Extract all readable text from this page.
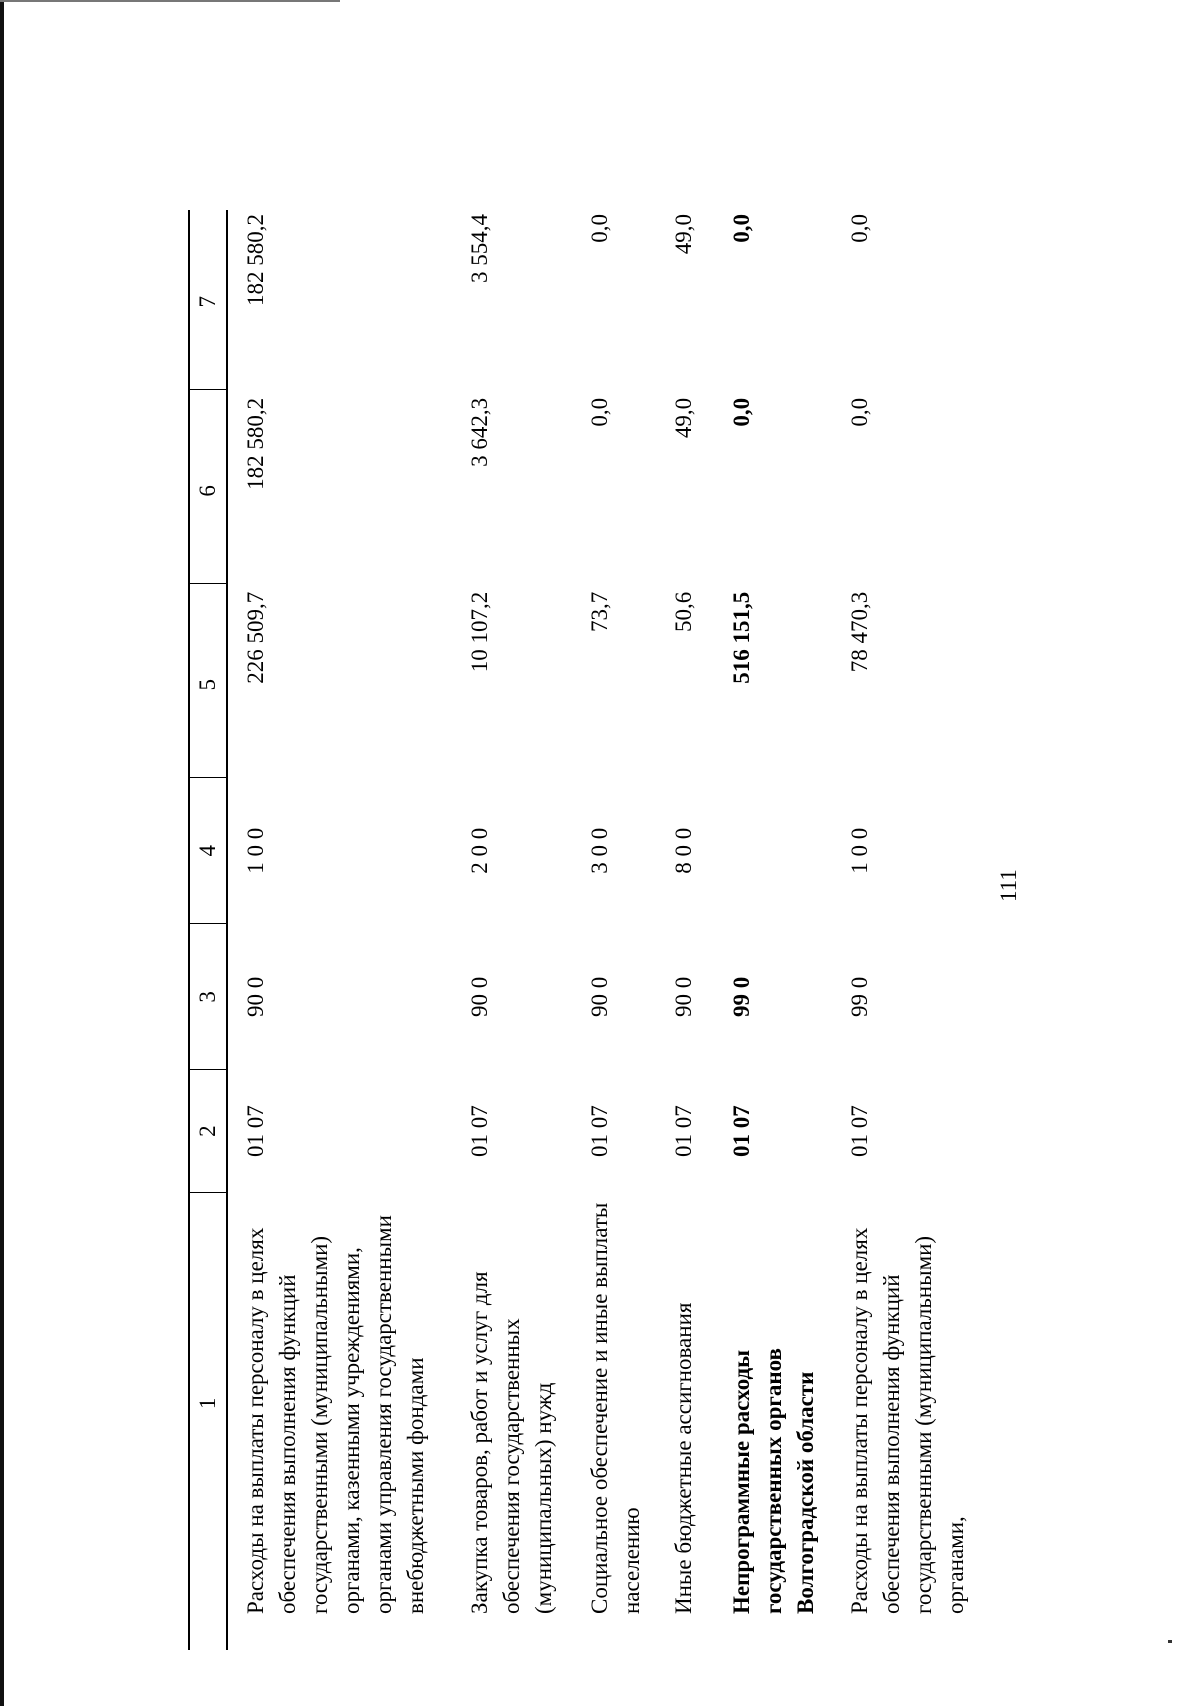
111
1	2	3	4	5	6	7
Расходы на выплаты персоналу в целях обеспечения выполнения функций государственными (муниципальными) органами, казенными учреждениями, органами управления государственными внебюджетными фондами	01 07	90 0	1 0 0	226 509,7	182 580,2	182 580,2
Закупка товаров, работ и услуг для обеспечения государственных (муниципальных) нужд	01 07	90 0	2 0 0	10 107,2	3 642,3	3 554,4
Социальное обеспечение и иные выплаты населению	01 07	90 0	3 0 0	73,7	0,0	0,0
Иные бюджетные ассигнования	01 07	90 0	8 0 0	50,6	49,0	49,0
Непрограммные расходы государственных органов Волгоградской области	01 07	99 0		516 151,5	0,0	0,0
Расходы на выплаты персоналу в целях обеспечения выполнения функций государственными (муниципальными) органами,	01 07	99 0	1 0 0	78 470,3	0,0	0,0
